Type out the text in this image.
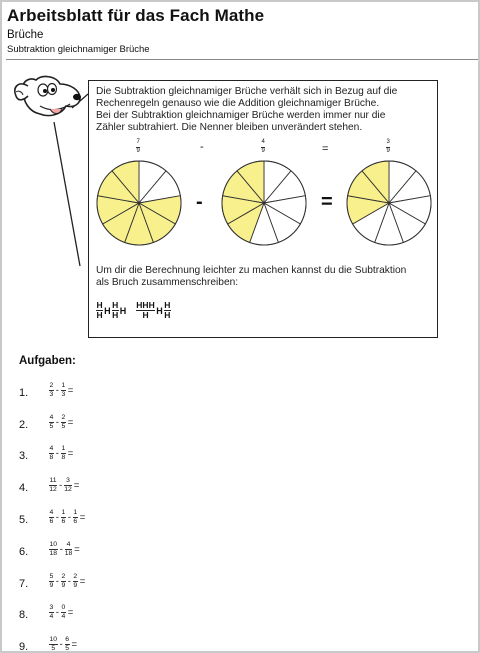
Arbeitsblatt für das Fach Mathe
Brüche
Subtraktion gleichnamiger Brüche

Die Subtraktion gleichnamiger Brüche verhält sich in Bezug auf die

Rechenregeln genauso wie die Addition gleichnamiger Brüche.

Bei der Subtraktion gleichnamiger Brüche werden immer nur die

Zähler subtrahiert. Die Nenner bleiben unverändert stehen.

$\frac{7}{9}$	-	$\frac{4}{9}$	=	$\frac{3}{9}$
-	=

Um dir die Berechnung leichter zu machen kannst du die Subtraktion

als Bruch zusammenschreiben:

$\frac{H}{H}$ H $\frac{H}{H}$ H $\frac{\text{HHH}}{H}$ H $\frac{H}{H}$
Aufgaben:
1.	$\frac{2}{3} - \frac{1}{3}$ =
2.	$\frac{4}{5} - \frac{2}{5}$ =
3.	$\frac{4}{8} - \frac{1}{8}$ =
4.	$\frac{11}{12} - \frac{3}{12}$ =
5.	$\frac{4}{6} - \frac{1}{6} - \frac{1}{6}$ =
6.	$\frac{10}{18} - \frac{4}{18}$ =
7.	$\frac{5}{9} - \frac{2}{9} - \frac{2}{9}$ =
8.	$\frac{3}{4} - \frac{0}{4}$ =
9.	$\frac{10}{5} - \frac{6}{5}$ =
